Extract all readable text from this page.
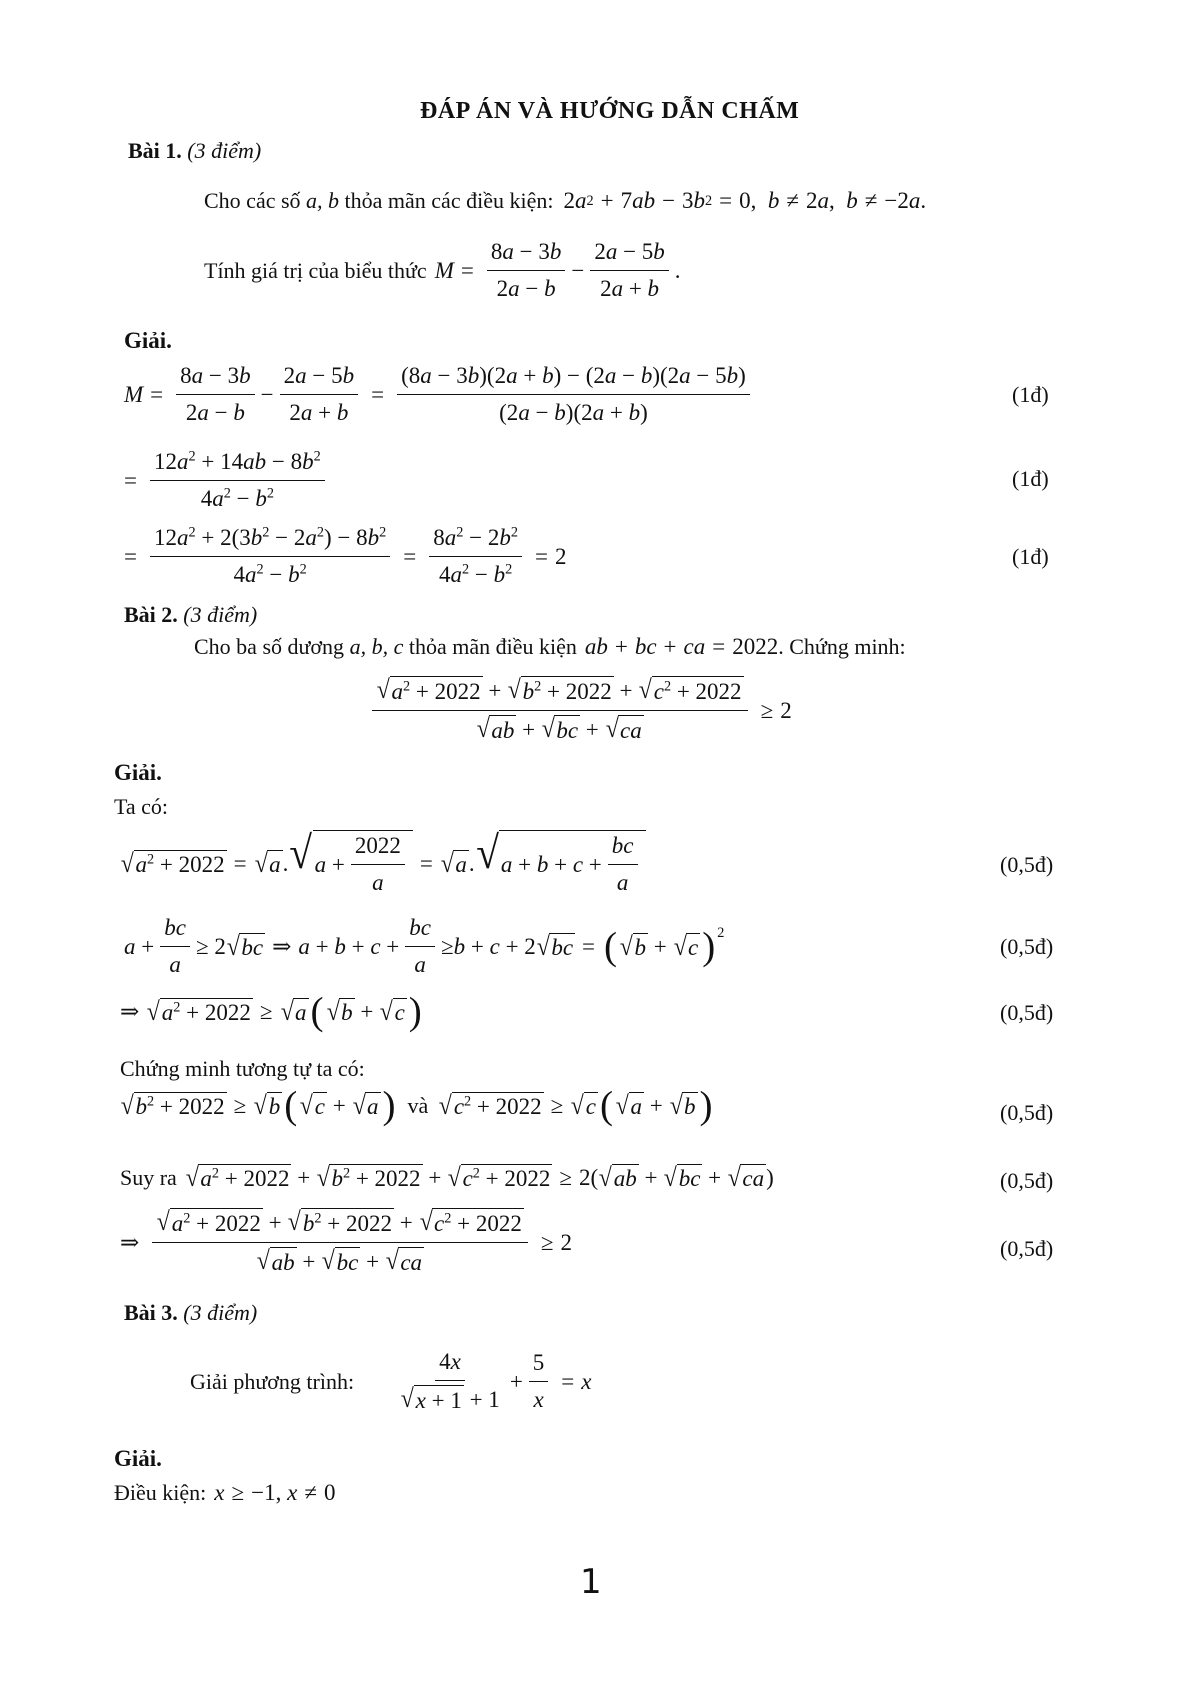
ĐÁP ÁN VÀ HƯỚNG DẪN CHẤM
Bài 1. (3 điểm)
Cho các số
a, b
thỏa mãn các điều kiện: 2 a 2 + 7 ab − 3 b 2 = 0, b ≠ 2 a , b ≠ −2 a .
Tính giá trị của biểu thức $M = \frac{8a - 3b}{2a - b} - \frac{2a - 5b}{2a + b}$ .
Giải.
$M = \frac{8a - 3b}{2a - b} - \frac{2a - 5b}{2a + b} = \frac{(8a - 3b)(2a + b) - (2a - b)(2a - 5b)}{(2a - b)(2a + b)}$	(1đ)
= $\frac{12a^2 + 14ab - 8b^2}{4a^2 - b^2}$	(1đ)
= $\frac{12a^2 + 2(3b^2 - 2a^2) - 8b^2}{4a^2 - b^2} = \frac{8a^2 - 2b^2}{4a^2 - b^2} = 2$	(1đ)
Bài 2. (3 điểm)
Cho ba số dương
a, b, c
thỏa mãn điều kiện ab + bc + ca = 2022 . Chứng minh:
$\frac{√ a^2 + 2022 + √ b^2 + 2022 + √ c^2 + 2022}{√ ab + √ bc + √ ca} \ge 2$
Giải.
Ta có:
√ $a^2 + 2022$ = √ a . √ $a + \frac{2022}{a}$ = √ a . √ $a + b + c + \frac{bc}{a}$	(0,5đ)
$a + \frac{bc}{a} \ge 2$ √ bc ⇒ $a + b + c + \frac{bc}{a} \ge b + c + 2$ √ bc = ( √ b + √ c )$^2$
(0,5đ)
⇒ √ $a^2 + 2022$ ≥ √ a ( √ b + √ c )	(0,5đ)
Chứng minh tương tự ta có:
√ $b^2 + 2022$ ≥ √ b ( √ c + √ a ) và √ $c^2 + 2022$ ≥ √ c ( √ a + √ b )	(0,5đ)
Suy ra √ $a^2 + 2022$ + √ $b^2 + 2022$ + √ $c^2 + 2022 \ge 2$( √ ab + √ bc + √ ca )	(0,5đ)
⇒ $\frac{√ a^2 + 2022 + √ b^2 + 2022 + √ c^2 + 2022}{√ ab + √ bc + √ ca} \ge 2$	(0,5đ)
Bài 3. (3 điểm)
Giải phương trình: $\frac{4x}{√ x + 1 + 1} + \frac{5}{x} = x$
Giải.
Điều kiện: x ≥ −1, x ≠ 0
1
